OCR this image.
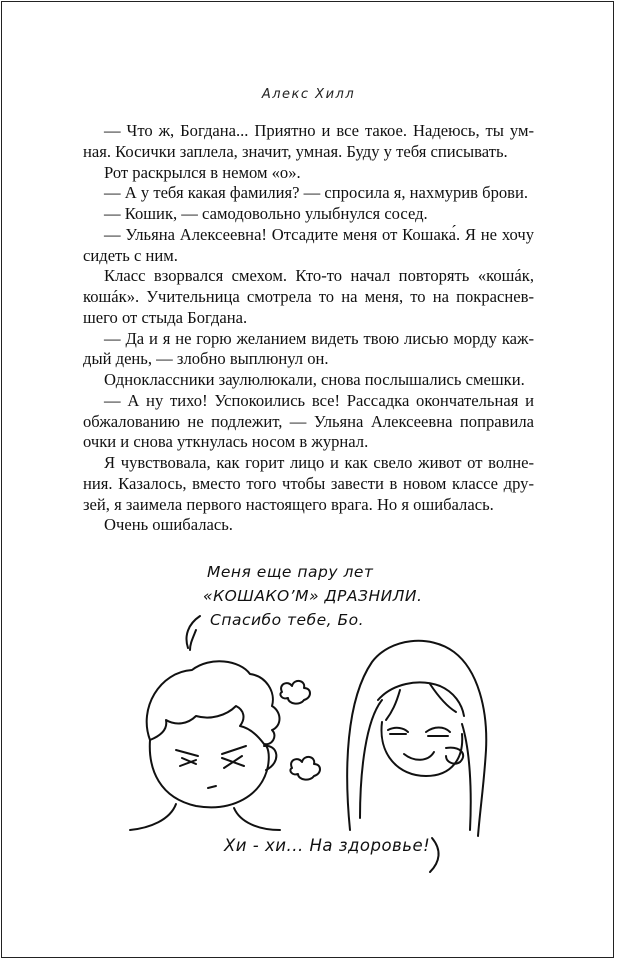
Алекс Хилл

— Что ж, Богдана... Приятно и все такое. Надеюсь, ты умная. Косички заплела, значит, умная. Буду у тебя списывать.

Рот раскрылся в немом «о».

— А у тебя какая фамилия? — спросила я, нахмурив брови.

— Кошик, — самодовольно улыбнулся сосед.

— Ульяна Алексеевна! Отсадите меня от Кошака́. Я не хочу сидеть с ним.

Класс взорвался смехом. Кто-то начал повторять «кошáк, кошáк». Учительница смотрела то на меня, то на покрасневшего от стыда Богдана.

— Да и я не горю желанием видеть твою лисью морду каждый день, — злобно выплюнул он.

Одноклассники заулюлюкали, снова послышались смешки.

— А ну тихо! Успокоились все! Рассадка окончательная и обжалованию не подлежит, — Ульяна Алексеевна поправила очки и снова уткнулась носом в журнал.

Я чувствовала, как горит лицо и как свело живот от волнения. Казалось, вместо того чтобы завести в новом классе друзей, я заимела первого настоящего врага. Но я ошибалась.

Очень ошибалась.

Меня еще пару лет
«КОШАКО’М» ДРАЗНИЛИ.
Спасибо тебе, Бо.
Хи - хи... На здоровье!
